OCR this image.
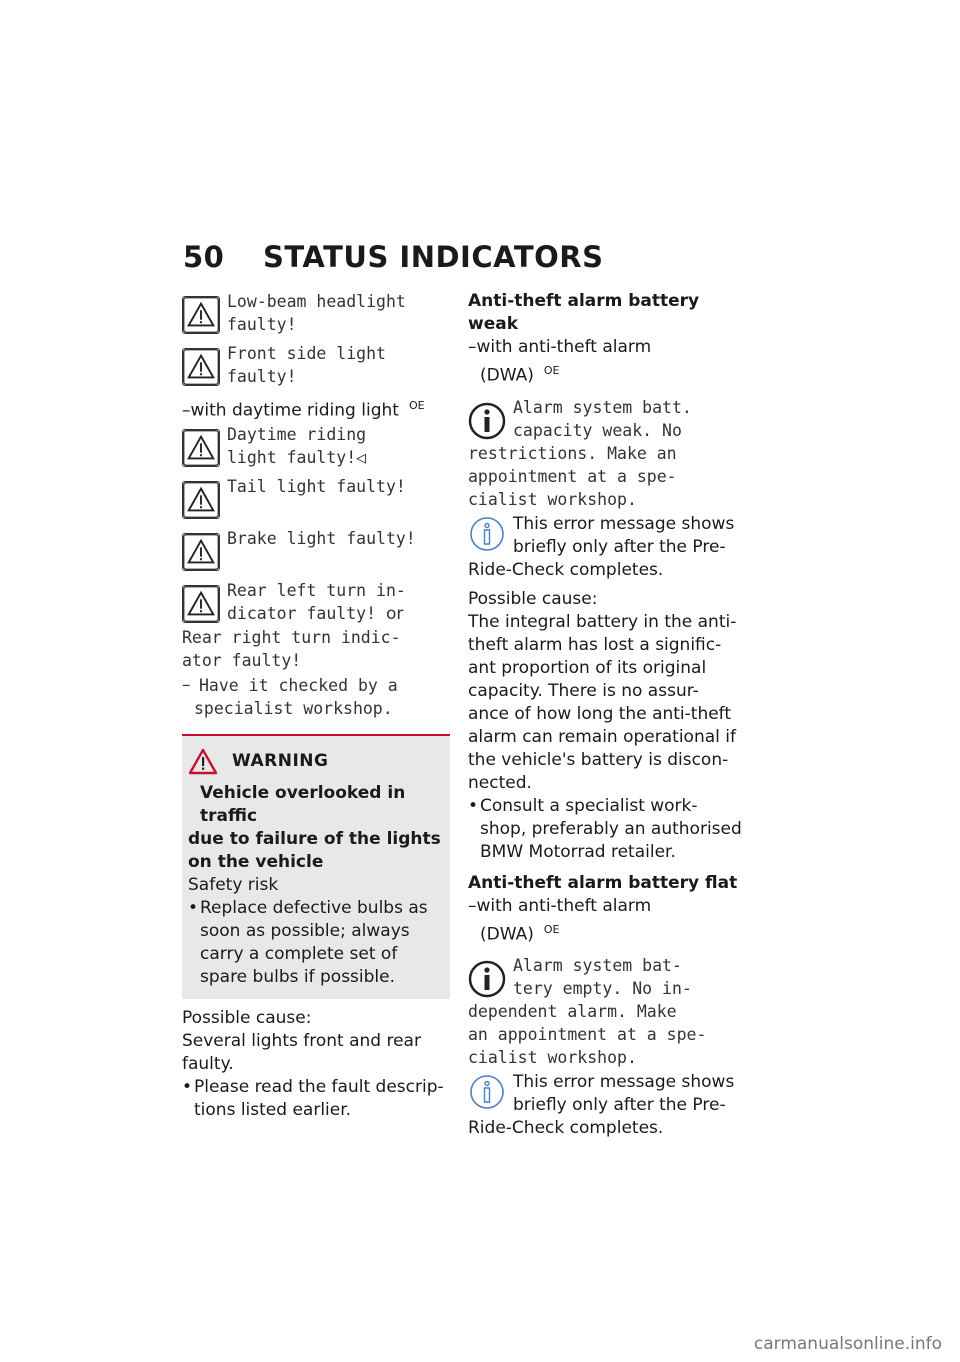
50 STATUS INDICATORS
Low-beam headlight
faulty!
Front side light
faulty!
–with daytime riding light $^{OE}$
Daytime riding
light faulty!◁
Tail light faulty!
Brake light faulty!
Rear left turn in-
dicator faulty! or
Rear right turn indic-
ator faulty!
– Have it checked by a
specialist workshop.
WARNING
Vehicle overlooked in traffic
due to failure of the lights
on the vehicle
Safety risk
• Replace defective bulbs as
soon as possible; always
carry a complete set of
spare bulbs if possible.
Possible cause:
Several lights front and rear
faulty.
• Please read the fault descrip-
tions listed earlier.
Anti-theft alarm battery weak
–with anti-theft alarm
(DWA) $^{OE}$
Alarm system batt.
capacity weak. No
restrictions. Make an
appointment at a spe-
cialist workshop.
This error message shows
briefly only after the Pre-
Ride-Check completes.
Possible cause:
The integral battery in the anti-
theft alarm has lost a signific-
ant proportion of its original
capacity. There is no assur-
ance of how long the anti-theft
alarm can remain operational if
the vehicle's battery is discon-
nected.
• Consult a specialist work-
shop, preferably an authorised
BMW Motorrad retailer.
Anti-theft alarm battery flat
–with anti-theft alarm
(DWA) $^{OE}$
Alarm system bat-
tery empty. No in-
dependent alarm. Make
an appointment at a spe-
cialist workshop.
This error message shows
briefly only after the Pre-
Ride-Check completes.
carmanualsonline.info
